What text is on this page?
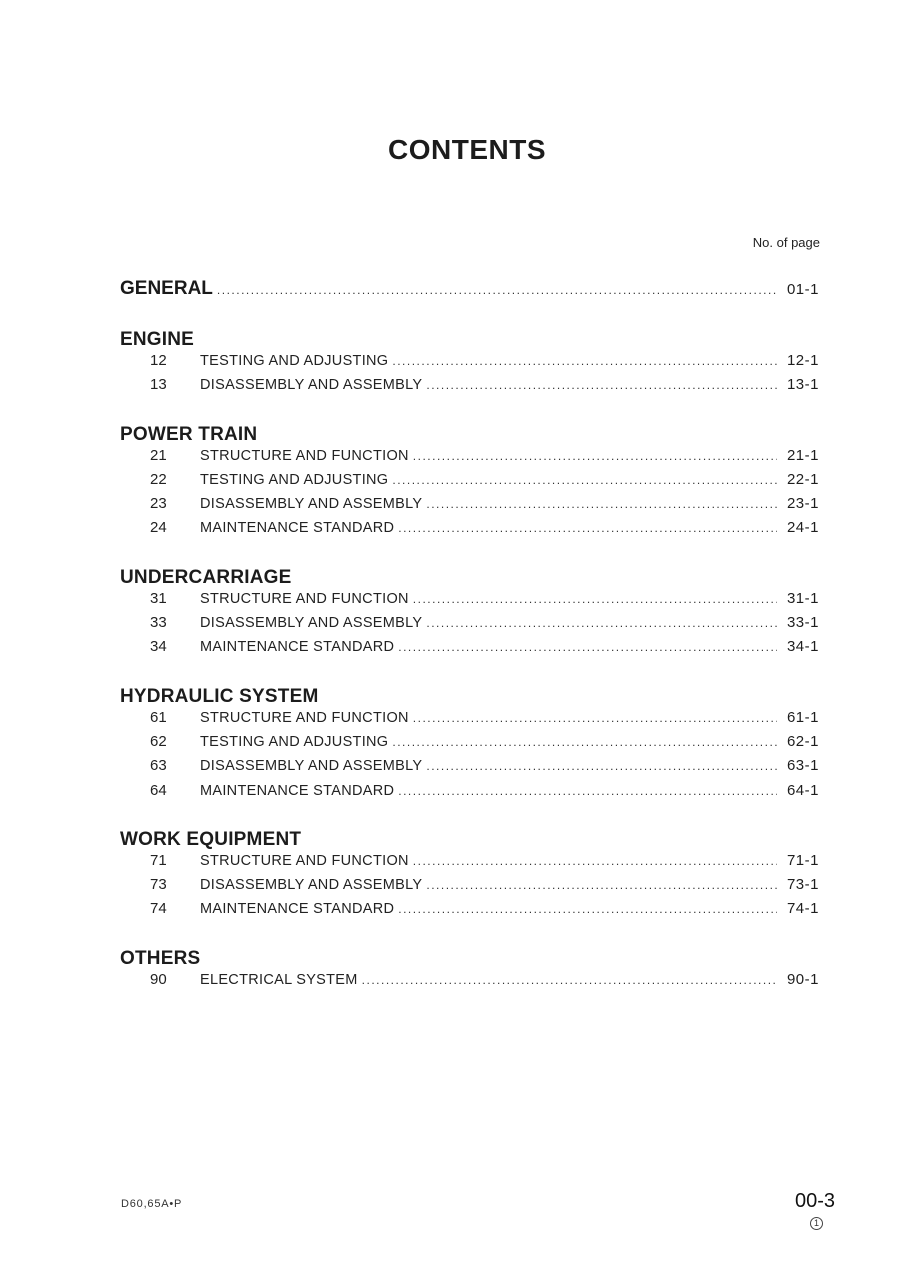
CONTENTS
No. of page
GENERAL .....	01-1
ENGINE
12	TESTING AND ADJUSTING .....	12-1
13	DISASSEMBLY AND ASSEMBLY .....	13-1
POWER TRAIN
21	STRUCTURE AND FUNCTION .....	21-1
22	TESTING AND ADJUSTING .....	22-1
23	DISASSEMBLY AND ASSEMBLY .....	23-1
24	MAINTENANCE STANDARD .....	24-1
UNDERCARRIAGE
31	STRUCTURE AND FUNCTION .....	31-1
33	DISASSEMBLY AND ASSEMBLY .....	33-1
34	MAINTENANCE STANDARD .....	34-1
HYDRAULIC SYSTEM
61	STRUCTURE AND FUNCTION .....	61-1
62	TESTING AND ADJUSTING .....	62-1
63	DISASSEMBLY AND ASSEMBLY .....	63-1
64	MAINTENANCE STANDARD .....	64-1
WORK EQUIPMENT
71	STRUCTURE AND FUNCTION .....	71-1
73	DISASSEMBLY AND ASSEMBLY .....	73-1
74	MAINTENANCE STANDARD .....	74-1
OTHERS
90	ELECTRICAL SYSTEM .....	90-1
D60,65A•P	00-3
1
